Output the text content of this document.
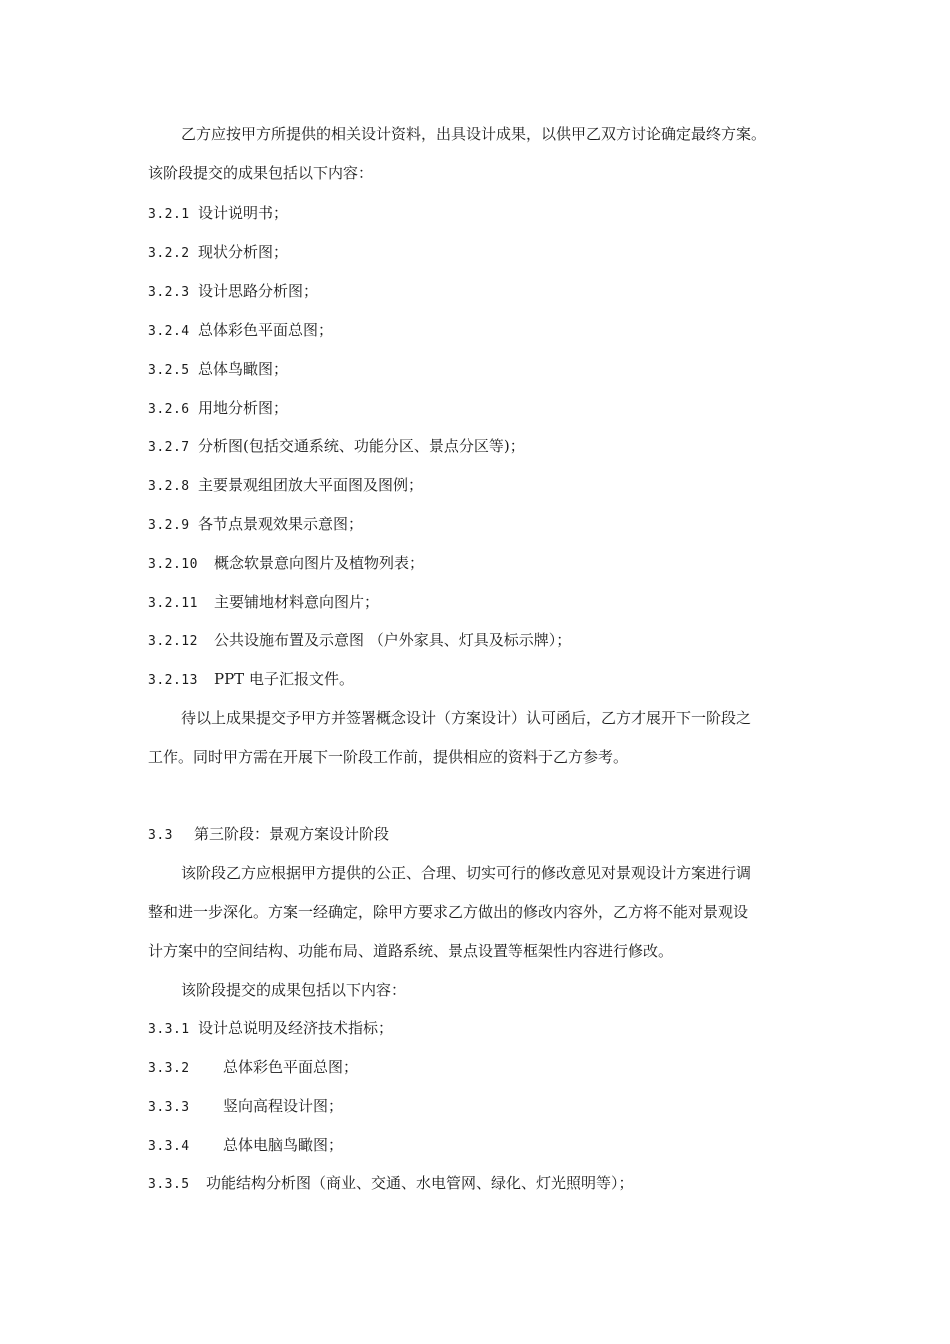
乙方应按甲方所提供的相关设计资料，出具设计成果，以供甲乙双方讨论确定最终方案。
该阶段提交的成果包括以下内容：
3.2.1 设计说明书；
3.2.2 现状分析图；
3.2.3 设计思路分析图；
3.2.4 总体彩色平面总图；
3.2.5 总体鸟瞰图；
3.2.6 用地分析图；
3.2.7 分析图(包括交通系统、功能分区、景点分区等)；
3.2.8 主要景观组团放大平面图及图例；
3.2.9 各节点景观效果示意图；
3.2.10 概念软景意向图片及植物列表；
3.2.11 主要铺地材料意向图片；
3.2.12 公共设施布置及示意图 （户外家具、灯具及标示牌）；
3.2.13 PPT 电子汇报文件。
待以上成果提交予甲方并签署概念设计（方案设计）认可函后，乙方才展开下一阶段之
工作。同时甲方需在开展下一阶段工作前，提供相应的资料于乙方参考。
3.3 第三阶段：景观方案设计阶段
该阶段乙方应根据甲方提供的公正、合理、切实可行的修改意见对景观设计方案进行调
整和进一步深化。方案一经确定，除甲方要求乙方做出的修改内容外，乙方将不能对景观设
计方案中的空间结构、功能布局、道路系统、景点设置等框架性内容进行修改。
该阶段提交的成果包括以下内容：
3.3.1 设计总说明及经济技术指标；
3.3.2 总体彩色平面总图；
3.3.3 竖向高程设计图；
3.3.4 总体电脑鸟瞰图；
3.3.5 功能结构分析图（商业、交通、水电管网、绿化、灯光照明等）；
